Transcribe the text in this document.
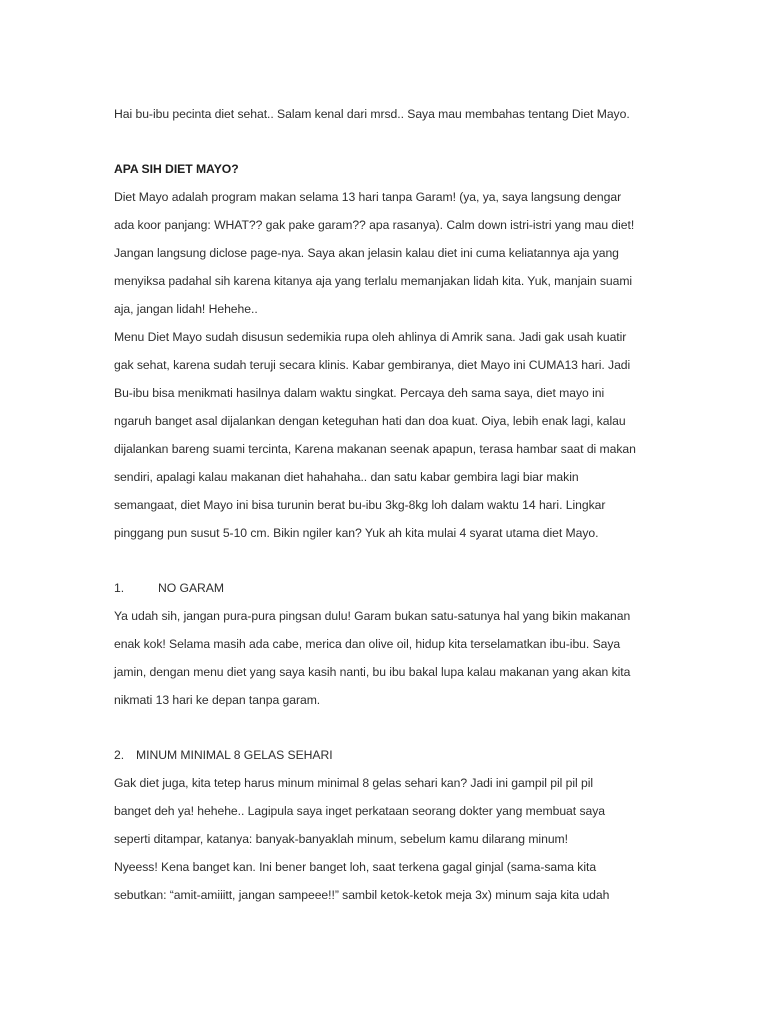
Hai bu-ibu pecinta diet sehat.. Salam kenal dari mrsd.. Saya mau membahas tentang Diet Mayo.

APA SIH DIET MAYO?

Diet Mayo adalah program makan selama 13 hari tanpa Garam! (ya, ya, saya langsung dengar

ada koor panjang: WHAT?? gak pake garam?? apa rasanya). Calm down istri-istri yang mau diet!

Jangan langsung diclose page-nya. Saya akan jelasin kalau diet ini cuma keliatannya aja yang

menyiksa padahal sih karena kitanya aja yang terlalu memanjakan lidah kita. Yuk, manjain suami

aja, jangan lidah! Hehehe..

Menu Diet Mayo sudah disusun sedemikia rupa oleh ahlinya di Amrik sana. Jadi gak usah kuatir

gak sehat, karena sudah teruji secara klinis. Kabar gembiranya, diet Mayo ini CUMA13 hari. Jadi

Bu-ibu bisa menikmati hasilnya dalam waktu singkat. Percaya deh sama saya, diet mayo ini

ngaruh banget asal dijalankan dengan keteguhan hati dan doa kuat. Oiya, lebih enak lagi, kalau

dijalankan bareng suami tercinta, Karena makanan seenak apapun, terasa hambar saat di makan

sendiri, apalagi kalau makanan diet hahahaha.. dan satu kabar gembira lagi biar makin

semangaat, diet Mayo ini bisa turunin berat bu-ibu 3kg-8kg loh dalam waktu 14 hari. Lingkar

pinggang pun susut 5-10 cm. Bikin ngiler kan? Yuk ah kita mulai 4 syarat utama diet Mayo.

1.	NO GARAM

Ya udah sih, jangan pura-pura pingsan dulu! Garam bukan satu-satunya hal yang bikin makanan

enak kok! Selama masih ada cabe, merica dan olive oil, hidup kita terselamatkan ibu-ibu. Saya

jamin, dengan menu diet yang saya kasih nanti, bu ibu bakal lupa kalau makanan yang akan kita

nikmati 13 hari ke depan tanpa garam.

2. MINUM MINIMAL 8 GELAS SEHARI

Gak diet juga, kita tetep harus minum minimal 8 gelas sehari kan? Jadi ini gampil pil pil pil

banget deh ya! hehehe.. Lagipula saya inget perkataan seorang dokter yang membuat saya

seperti ditampar, katanya: banyak-banyaklah minum, sebelum kamu dilarang minum!

Nyeess! Kena banget kan. Ini bener banget loh, saat terkena gagal ginjal (sama-sama kita

sebutkan: “amit-amiiitt, jangan sampeee!!” sambil ketok-ketok meja 3x) minum saja kita udah
